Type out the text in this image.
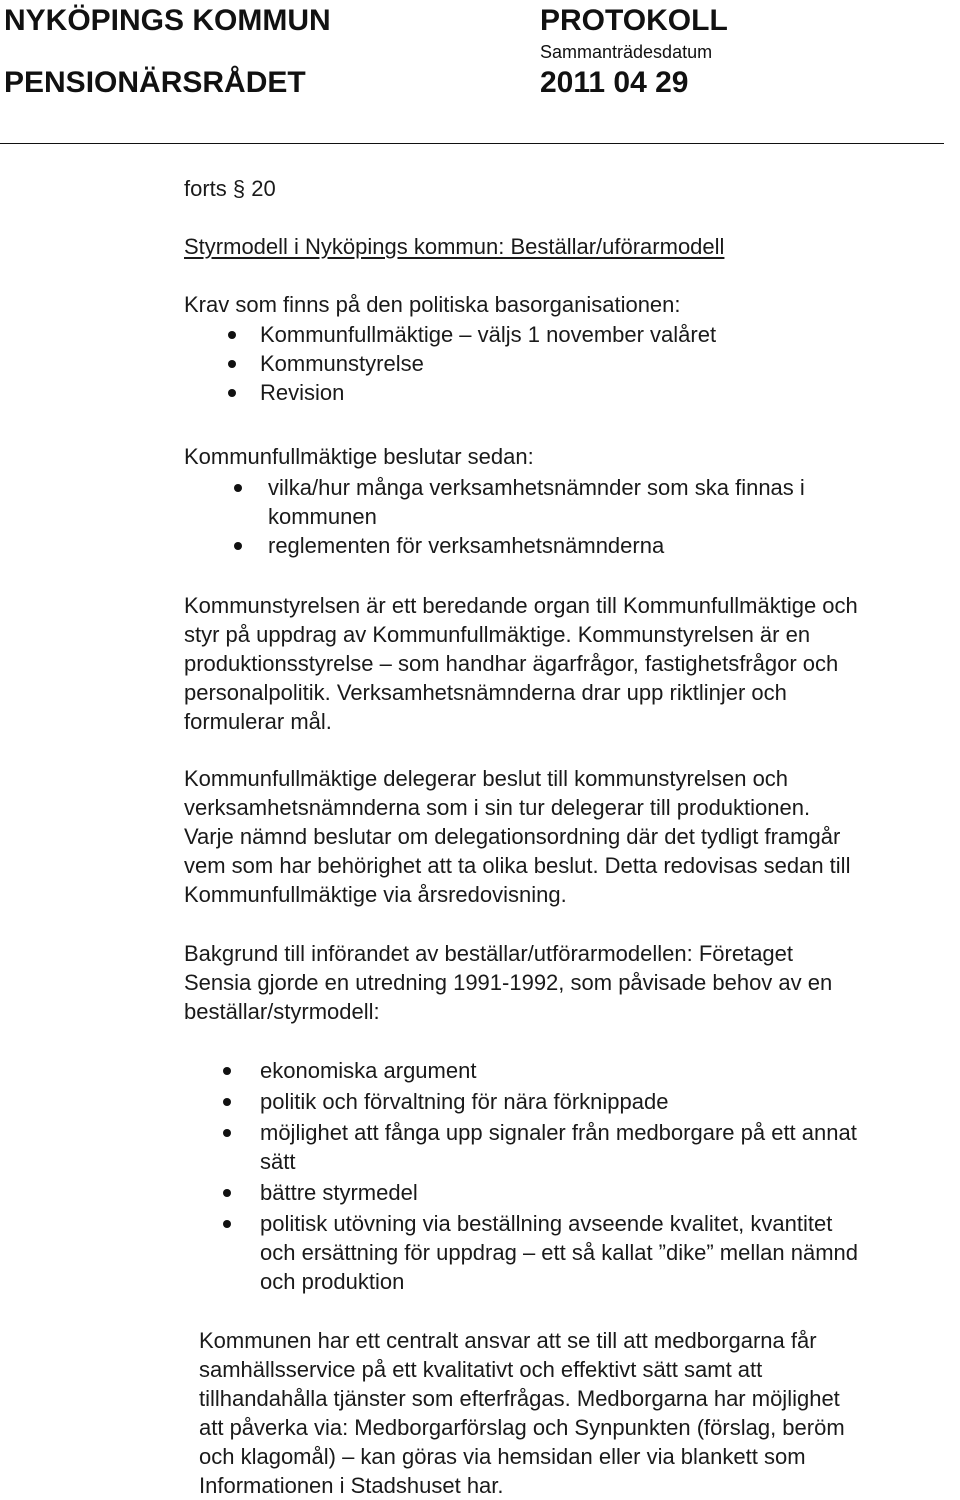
NYKÖPINGS KOMMUN
PENSIONÄRSRÅDET
PROTOKOLL
Sammanträdesdatum
2011 04 29
forts § 20
Styrmodell i Nyköpings kommun: Beställar/uförarmodell
Krav som finns på den politiska basorganisationen:
Kommunfullmäktige – väljs 1 november valåret
Kommunstyrelse
Revision
Kommunfullmäktige beslutar sedan:
vilka/hur många verksamhetsnämnder som ska finnas i
kommunen
reglementen för verksamhetsnämnderna
Kommunstyrelsen är ett beredande organ till Kommunfullmäktige och
styr på uppdrag av Kommunfullmäktige. Kommunstyrelsen är en
produktionsstyrelse – som handhar ägarfrågor, fastighetsfrågor och
personalpolitik. Verksamhetsnämnderna drar upp riktlinjer och
formulerar mål.
Kommunfullmäktige delegerar beslut till kommunstyrelsen och
verksamhetsnämnderna som i sin tur delegerar till produktionen.
Varje nämnd beslutar om delegationsordning där det tydligt framgår
vem som har behörighet att ta olika beslut. Detta redovisas sedan till
Kommunfullmäktige via årsredovisning.
Bakgrund till införandet av beställar/utförarmodellen: Företaget
Sensia gjorde en utredning 1991-1992, som påvisade behov av en
beställar/styrmodell:
ekonomiska argument
politik och förvaltning för nära förknippade
möjlighet att fånga upp signaler från medborgare på ett annat
sätt
bättre styrmedel
politisk utövning via beställning avseende kvalitet, kvantitet
och ersättning för uppdrag – ett så kallat ”dike” mellan nämnd
och produktion
Kommunen har ett centralt ansvar att se till att medborgarna får
samhällsservice på ett kvalitativt och effektivt sätt samt att
tillhandahålla tjänster som efterfrågas. Medborgarna har möjlighet
att påverka via: Medborgarförslag och Synpunkten (förslag, beröm
och klagomål) – kan göras via hemsidan eller via blankett som
Informationen i Stadshuset har.
